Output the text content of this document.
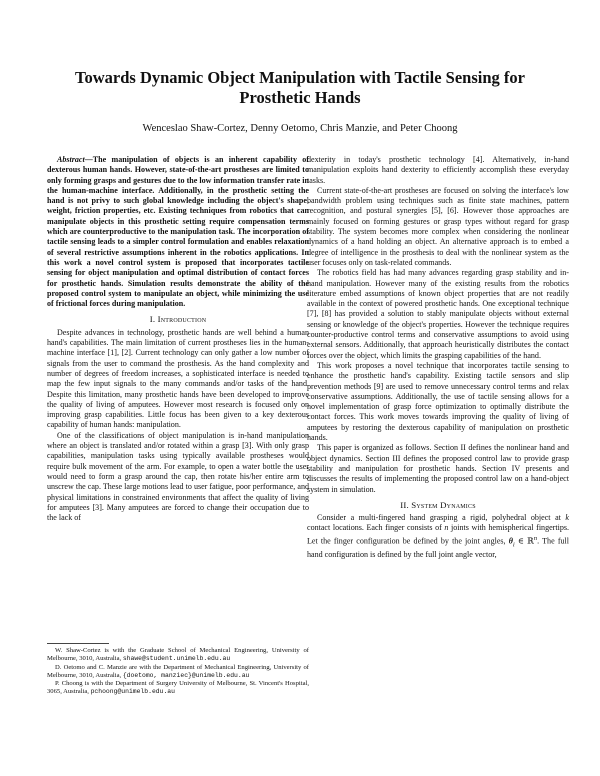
Towards Dynamic Object Manipulation with Tactile Sensing for Prosthetic Hands
Wenceslao Shaw-Cortez, Denny Oetomo, Chris Manzie, and Peter Choong

Abstract—The manipulation of objects is an inherent capability of dexterous human hands. However, state-of-the-art prostheses are limited to only forming grasps and gestures due to the low information transfer rate in the human-machine interface. Additionally, in the prosthetic setting the hand is not privy to such global knowledge including the object's shape, weight, friction properties, etc. Existing techniques from robotics that can manipulate objects in this prosthetic setting require compensation terms which are counterproductive to the manipulation task. The incorporation of tactile sensing leads to a simpler control formulation and enables relaxation of several restrictive assumptions inherent in the robotics applications. In this work a novel control system is proposed that incorporates tactile sensing for object manipulation and optimal distribution of contact forces for prosthetic hands. Simulation results demonstrate the ability of the proposed control system to manipulate an object, while minimizing the use of frictional forces during manipulation.

I. Introduction

Despite advances in technology, prosthetic hands are well behind a human hand's capabilities. The main limitation of current prostheses lies in the human-machine interface [1], [2]. Current technology can only gather a low number of signals from the user to command the prosthesis. As the hand complexity and number of degrees of freedom increases, a sophisticated interface is needed to map the few input signals to the many commands and/or tasks of the hand. Despite this limitation, many prosthetic hands have been developed to improve the quality of living of amputees. However most research is focused only on improving grasp capabilities. Little focus has been given to a key dexterous capability of human hands: manipulation.

One of the classifications of object manipulation is in-hand manipulation where an object is translated and/or rotated within a grasp [3]. With only grasp capabilities, manipulation tasks using typically available prostheses would require bulk movement of the arm. For example, to open a water bottle the user would need to form a grasp around the cap, then rotate his/her entire arm to unscrew the cap. These large motions lead to user fatigue, poor performance, and physical limitations in constrained environments that affect the quality of living for amputees [3]. Many amputees are forced to change their occupation due to the lack of

W. Shaw-Cortez is with the Graduate School of Mechanical Engineering, University of Melbourne, 3010, Australia, shawe@student.unimelb.edu.au

D. Oetomo and C. Manzie are with the Department of Mechanical Engineering, University of Melbourne, 3010, Australia, {doetomo, manziec}@unimelb.edu.au

P. Choong is with the Department of Surgery University of Melbourne, St. Vincent's Hospital, 3065, Australia, pchoong@unimelb.edu.au

dexterity in today's prosthetic technology [4]. Alternatively, in-hand manipulation exploits hand dexterity to efficiently accomplish these everyday tasks.

Current state-of-the-art prostheses are focused on solving the interface's low bandwidth problem using techniques such as finite state machines, pattern recognition, and postural synergies [5], [6]. However those approaches are mainly focused on forming gestures or grasp types without regard for grasp stability. The system becomes more complex when considering the nonlinear dynamics of a hand holding an object. An alternative approach is to embed a degree of intelligence in the prosthesis to deal with the nonlinear system as the user focuses only on task-related commands.

The robotics field has had many advances regarding grasp stability and in-hand manipulation. However many of the existing results from the robotics literature embed assumptions of known object properties that are not readily available in the context of powered prosthetic hands. One exceptional technique [7], [8] has provided a solution to stably manipulate objects without external sensing or knowledge of the object's properties. However the technique requires counter-productive control terms and conservative assumptions to avoid using external sensors. Additionally, that approach heuristically distributes the contact forces over the object, which limits the grasping capabilities of the hand.

This work proposes a novel technique that incorporates tactile sensing to enhance the prosthetic hand's capability. Existing tactile sensors and slip prevention methods [9] are used to remove unnecessary control terms and relax conservative assumptions. Additionally, the use of tactile sensing allows for a novel implementation of grasp force optimization to optimally distribute the contact forces. This work moves towards improving the quality of living of amputees by restoring the dexterous capability of manipulation on prosthetic hands.

This paper is organized as follows. Section II defines the nonlinear hand and object dynamics. Section III defines the proposed control law to provide grasp stability and manipulation for prosthetic hands. Section IV presents and discusses the results of implementing the proposed control law on a hand-object system in simulation.

II. System Dynamics

Consider a multi-fingered hand grasping a rigid, polyhedral object at k contact locations. Each finger consists of n joints with hemispherical fingertips. Let the finger configuration be defined by the joint angles, $\theta_i$ ∈ ℝ$^n$. The full hand configuration is defined by the full joint angle vector,
